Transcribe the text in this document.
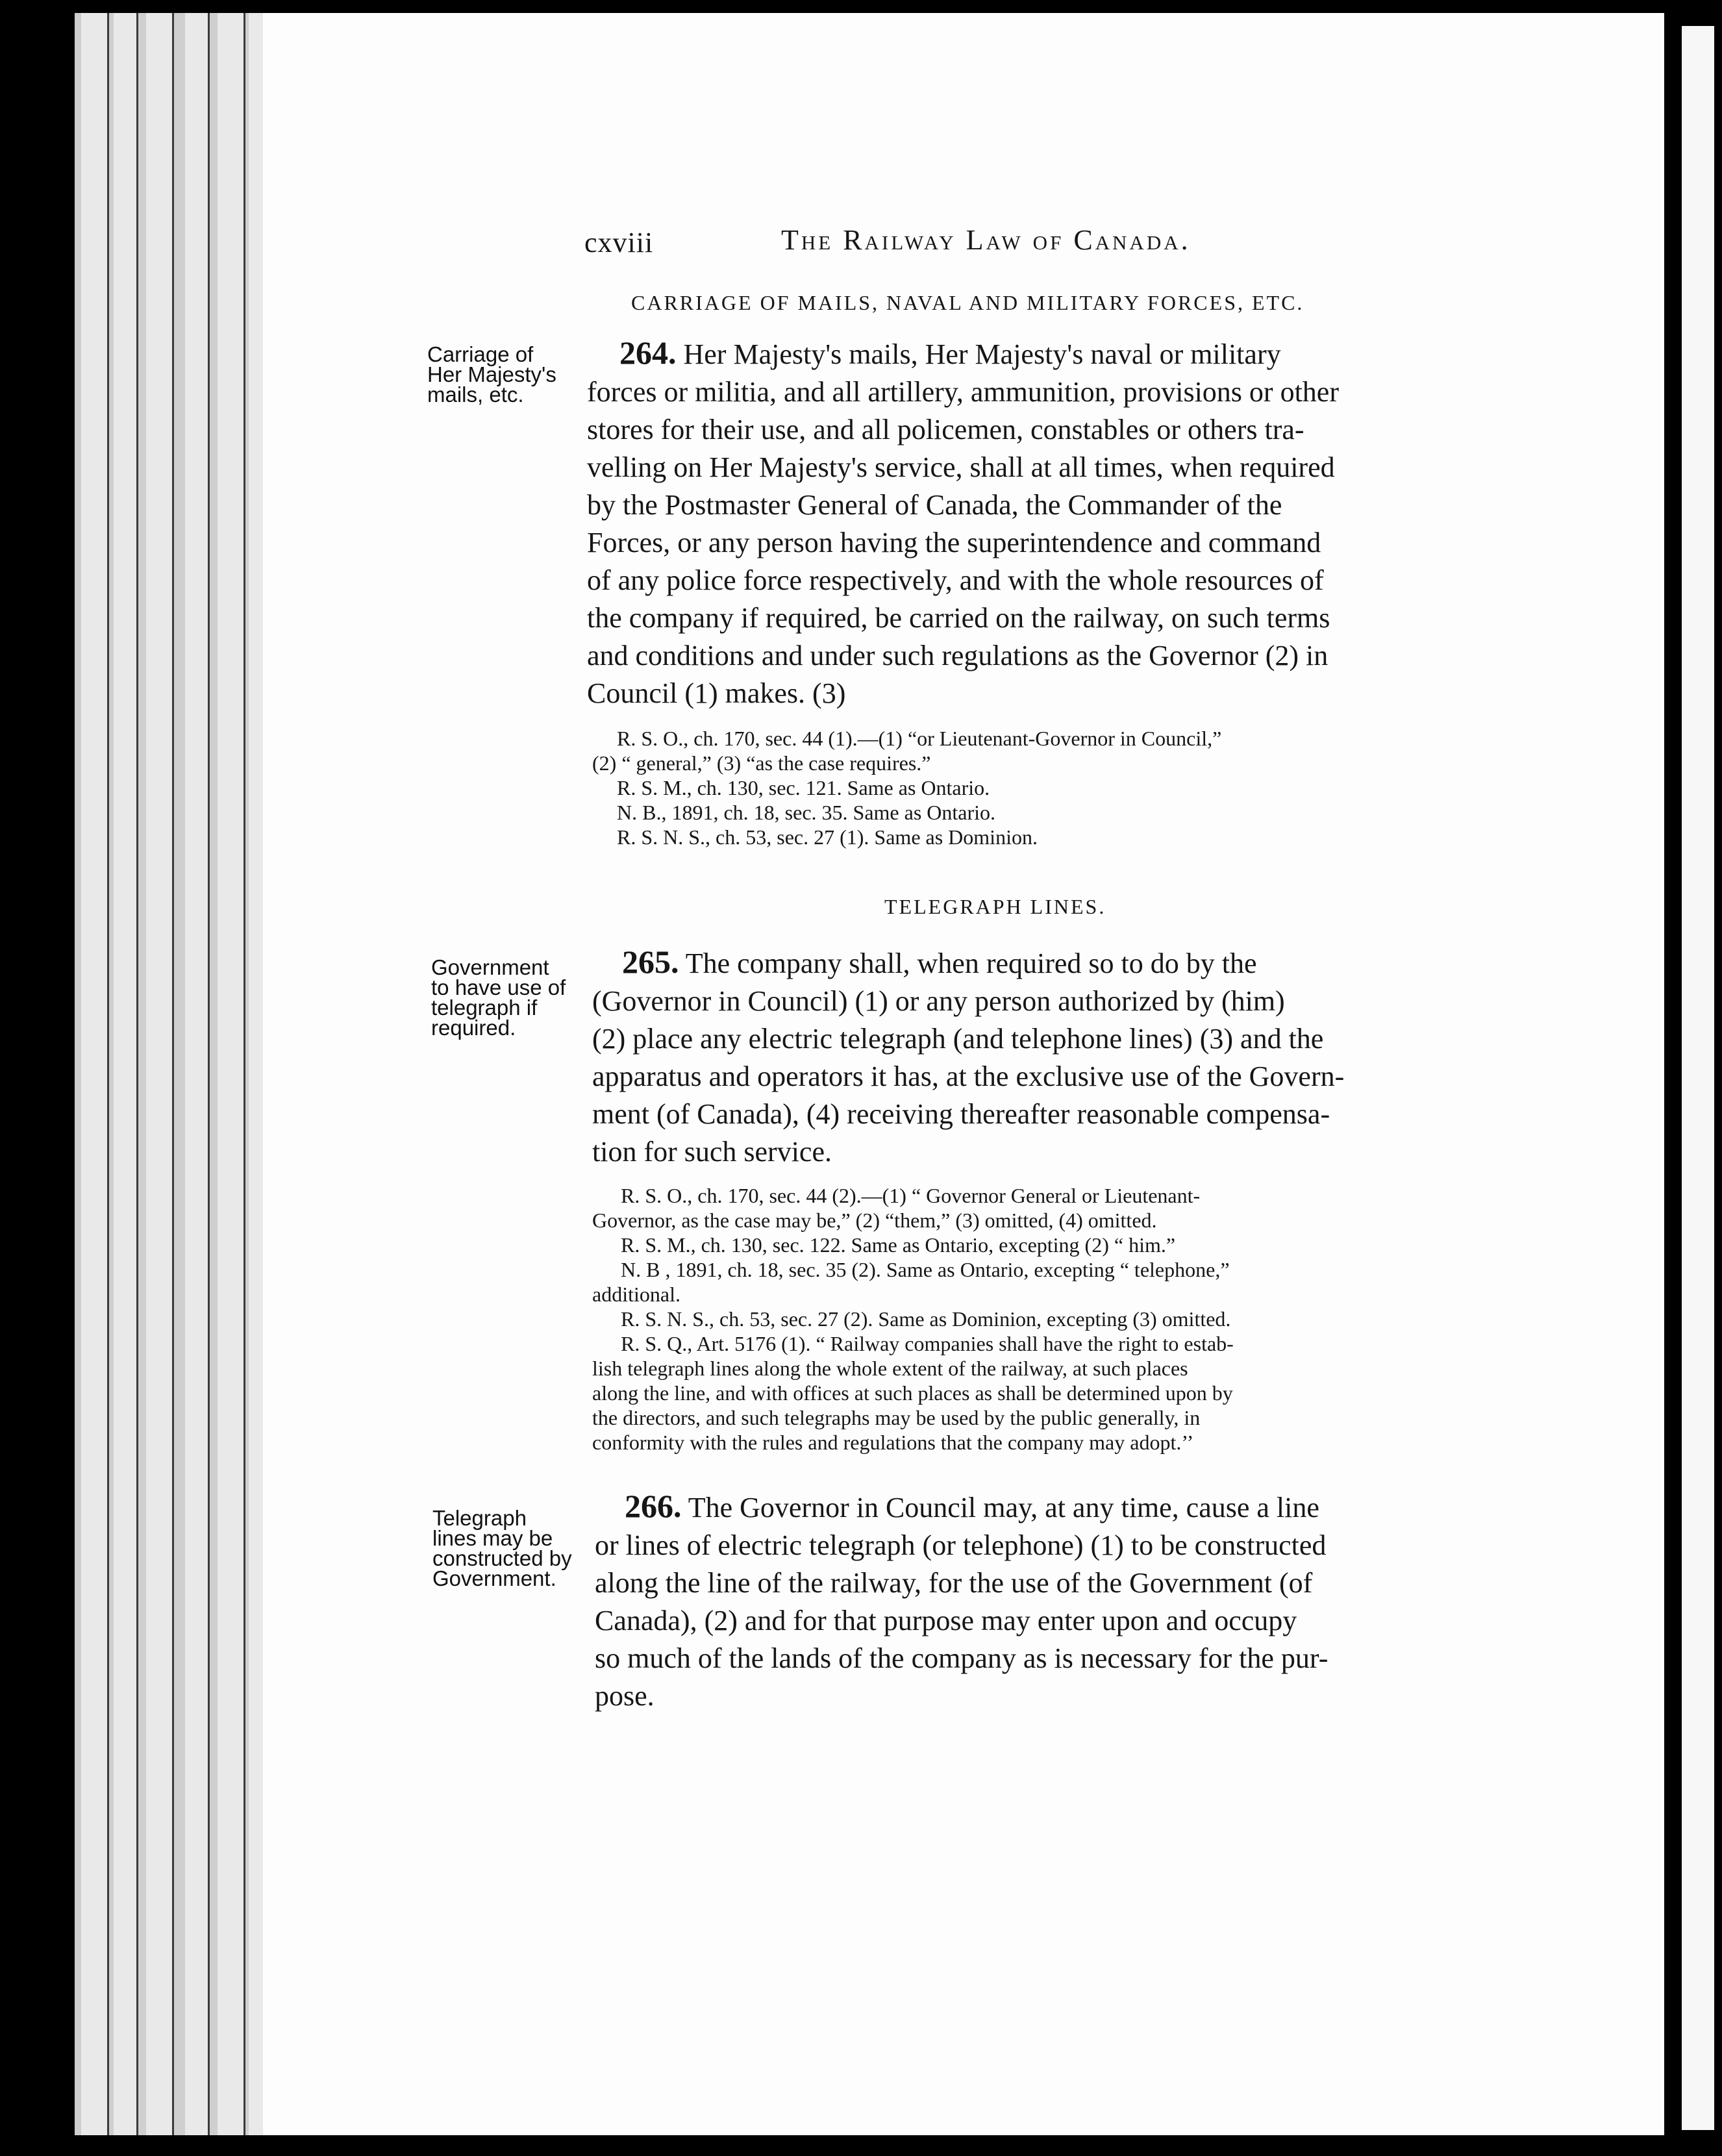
cxviii	The Railway Law of Canada.
CARRIAGE OF MAILS, NAVAL AND MILITARY FORCES, ETC.
Carriage of
Her Majesty's
mails, etc.
264. Her Majesty's mails, Her Majesty's naval or military
forces or militia, and all artillery, ammunition, provisions or other
stores for their use, and all policemen, constables or others tra-
velling on Her Majesty's service, shall at all times, when required
by the Postmaster General of Canada, the Commander of the
Forces, or any person having the superintendence and command
of any police force respectively, and with the whole resources of
the company if required, be carried on the railway, on such terms
and conditions and under such regulations as the Governor (2) in
Council (1) makes. (3)
R. S. O., ch. 170, sec. 44 (1).—(1) “or Lieutenant-Governor in Council,”
(2) “ general,” (3) “as the case requires.”
R. S. M., ch. 130, sec. 121. Same as Ontario.
N. B., 1891, ch. 18, sec. 35. Same as Ontario.
R. S. N. S., ch. 53, sec. 27 (1). Same as Dominion.
TELEGRAPH LINES.
Government
to have use of
telegraph if
required.
265. The company shall, when required so to do by the
(Governor in Council) (1) or any person authorized by (him)
(2) place any electric telegraph (and telephone lines) (3) and the
apparatus and operators it has, at the exclusive use of the Govern-
ment (of Canada), (4) receiving thereafter reasonable compensa-
tion for such service.
R. S. O., ch. 170, sec. 44 (2).—(1) “ Governor General or Lieutenant-
Governor, as the case may be,” (2) “them,” (3) omitted, (4) omitted.
R. S. M., ch. 130, sec. 122. Same as Ontario, excepting (2) “ him.”
N. B , 1891, ch. 18, sec. 35 (2). Same as Ontario, excepting “ telephone,”
additional.
R. S. N. S., ch. 53, sec. 27 (2). Same as Dominion, excepting (3) omitted.
R. S. Q., Art. 5176 (1). “ Railway companies shall have the right to estab-
lish telegraph lines along the whole extent of the railway, at such places
along the line, and with offices at such places as shall be determined upon by
the directors, and such telegraphs may be used by the public generally, in
conformity with the rules and regulations that the company may adopt.’’
Telegraph
lines may be
constructed by
Government.
266. The Governor in Council may, at any time, cause a line
or lines of electric telegraph (or telephone) (1) to be constructed
along the line of the railway, for the use of the Government (of
Canada), (2) and for that purpose may enter upon and occupy
so much of the lands of the company as is necessary for the pur-
pose.
